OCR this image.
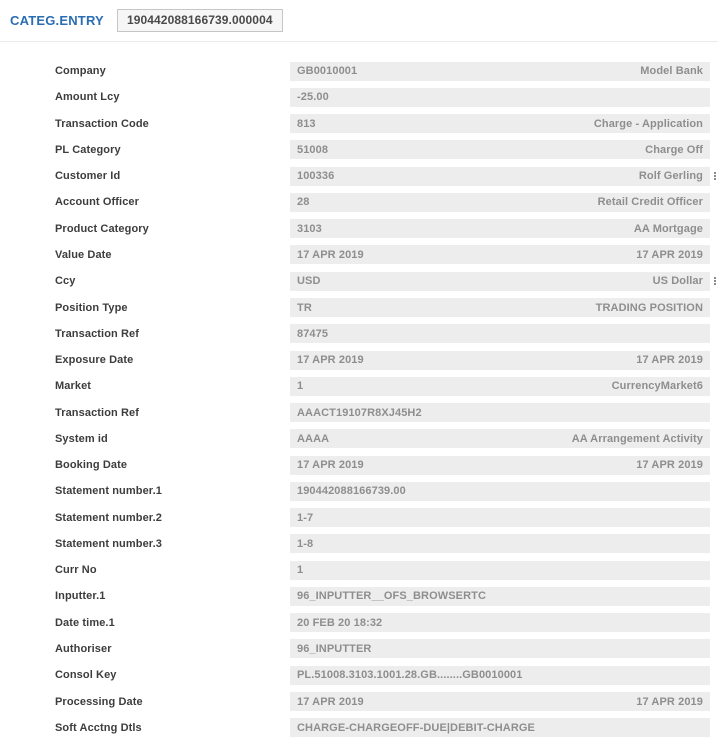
CATEG.ENTRY	190442088166739.000004
Company	GB0010001	Model Bank
Amount Lcy	-25.00
Transaction Code	813	Charge - Application
PL Category	51008	Charge Off
Customer Id	100336	Rolf Gerling
Account Officer	28	Retail Credit Officer
Product Category	3103	AA Mortgage
Value Date	17 APR 2019	17 APR 2019
Ccy	USD	US Dollar
Position Type	TR	TRADING POSITION
Transaction Ref	87475
Exposure Date	17 APR 2019	17 APR 2019
Market	1	CurrencyMarket6
Transaction Ref	AAACT19107R8XJ45H2
System id	AAAA	AA Arrangement Activity
Booking Date	17 APR 2019	17 APR 2019
Statement number.1	190442088166739.00
Statement number.2	1-7
Statement number.3	1-8
Curr No	1
Inputter.1	96_INPUTTER__OFS_BROWSERTC
Date time.1	20 FEB 20 18:32
Authoriser	96_INPUTTER
Consol Key	PL.51008.3103.1001.28.GB........GB0010001
Processing Date	17 APR 2019	17 APR 2019
Soft Acctng Dtls	CHARGE-CHARGEOFF-DUE|DEBIT-CHARGE
